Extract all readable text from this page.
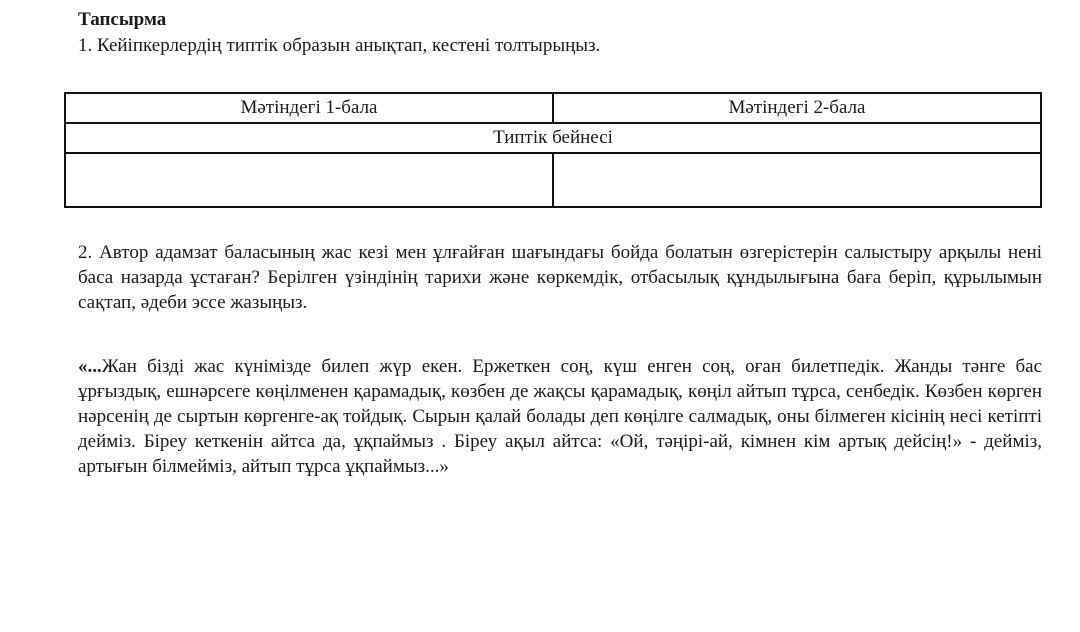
Тапсырма

1. Кейіпкерлердің типтік образын анықтап, кестені толтырыңыз.

Мәтіндегі 1-бала	Мәтіндегі 2-бала
Типтік бейнесі	

2. Автор адамзат баласының жас кезі мен ұлғайған шағындағы бойда болатын өзгерістерін салыстыру арқылы нені баса назарда ұстаған? Берілген үзіндінің тарихи және көркемдік, отбасылық құндылығына баға беріп, құрылымын сақтап, әдеби эссе жазыңыз.

«...Жан бізді жас күнімізде билеп жүр екен. Ержеткен соң, күш енген соң, оған билетпедік. Жанды тәнге бас ұрғыздық, ешнәрсеге көңілменен қарамадық, көзбен де жақсы қарамадық, көңіл айтып тұрса, сенбедік. Көзбен көрген нәрсенің де сыртын көргенге-ақ тойдық. Сырын қалай болады деп көңілге салмадық, оны білмеген кісінің несі кетіпті дейміз. Біреу кеткенін айтса да, ұқпаймыз . Біреу ақыл айтса: «Ой, тәңірі-ай, кімнен кім артық дейсің!» - дейміз, артығын білмейміз, айтып тұрса ұқпаймыз...»
